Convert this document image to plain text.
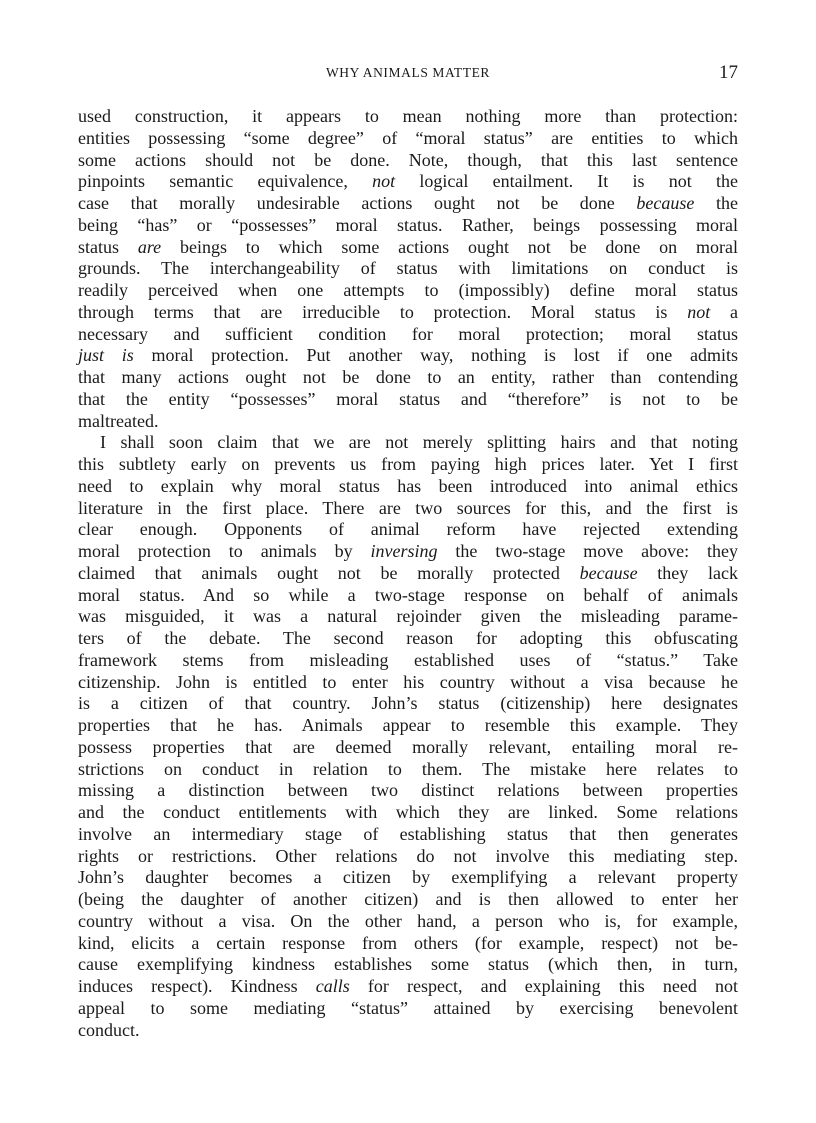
WHY ANIMALS MATTER	17
used construction, it appears to mean nothing more than protection:
entities possessing “some degree” of “moral status” are entities to which
some actions should not be done. Note, though, that this last sentence
pinpoints semantic equivalence, not logical entailment. It is not the
case that morally undesirable actions ought not be done because the
being “has” or “possesses” moral status. Rather, beings possessing moral
status are beings to which some actions ought not be done on moral
grounds. The interchangeability of status with limitations on conduct is
readily perceived when one attempts to (impossibly) define moral status
through terms that are irreducible to protection. Moral status is not a
necessary and sufficient condition for moral protection; moral status
just is moral protection. Put another way, nothing is lost if one admits
that many actions ought not be done to an entity, rather than contending
that the entity “possesses” moral status and “therefore” is not to be
maltreated.
I shall soon claim that we are not merely splitting hairs and that noting
this subtlety early on prevents us from paying high prices later. Yet I first
need to explain why moral status has been introduced into animal ethics
literature in the first place. There are two sources for this, and the first is
clear enough. Opponents of animal reform have rejected extending
moral protection to animals by inversing the two-stage move above: they
claimed that animals ought not be morally protected because they lack
moral status. And so while a two-stage response on behalf of animals
was misguided, it was a natural rejoinder given the misleading parame-
ters of the debate. The second reason for adopting this obfuscating
framework stems from misleading established uses of “status.” Take
citizenship. John is entitled to enter his country without a visa because he
is a citizen of that country. John’s status (citizenship) here designates
properties that he has. Animals appear to resemble this example. They
possess properties that are deemed morally relevant, entailing moral re-
strictions on conduct in relation to them. The mistake here relates to
missing a distinction between two distinct relations between properties
and the conduct entitlements with which they are linked. Some relations
involve an intermediary stage of establishing status that then generates
rights or restrictions. Other relations do not involve this mediating step.
John’s daughter becomes a citizen by exemplifying a relevant property
(being the daughter of another citizen) and is then allowed to enter her
country without a visa. On the other hand, a person who is, for example,
kind, elicits a certain response from others (for example, respect) not be-
cause exemplifying kindness establishes some status (which then, in turn,
induces respect). Kindness calls for respect, and explaining this need not
appeal to some mediating “status” attained by exercising benevolent
conduct.
